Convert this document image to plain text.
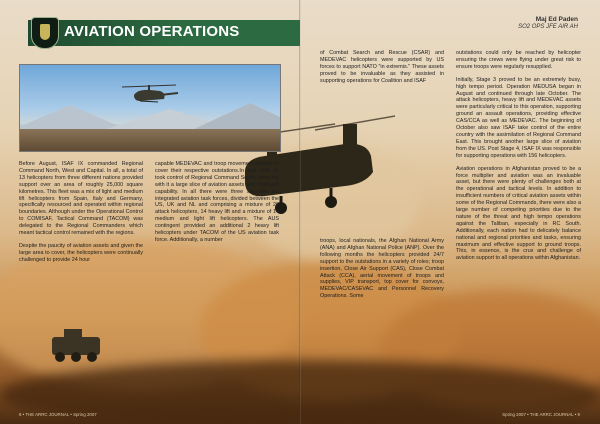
AVIATION OPERATIONS
Maj Ed Paden
SO2 OPS JFE AIR AH

Before August, ISAF IX commanded Regional Command North, West and Capital. In all, a total of 13 helicopters from three different nations provided support over an area of roughly 25,000 square kilometres. This fleet was a mix of light and medium lift helicopters from Spain, Italy and Germany, specifically resourced and operated within regional boundaries. Although under the Operational Control to COMISAF, Tactical Command (TACOM) was delegated to the Regional Commanders which meant tactical control remained with the regions.

Despite the paucity of aviation assets and given the large area to cover, the helicopters were continually challenged to provide 24 hour

capable MEDEVAC and troop movement support to cover their respective outstations.In July ISAF IX took control of Regional Command South, bring-ing with it a large slice of aviation assets and improved capability. In all there were three separate but integrated aviation task forces, divided between the US, UK and NL and comprising a mixture of 20 attack helicopters, 14 heavy lift and a mixture of 14 medium and light lift helicopters. The AUS contingent provided an additional 2 heavy lift helicopters under TACOM of the US aviation task force. Additionally, a number

of Combat Search and Rescue (CSAR) and MEDEVAC helicopters were supported by US forces to support NATO "in extremis." These assets proved to be invaluable as they assisted in supporting operations for Coalition and ISAF

troops, local nationals, the Afghan National Army (ANA) and Afghan National Police (ANP). Over the following months the helicopters provided 24/7 support to the outstations in a variety of roles; troop insertion, Close Air Support (CAS), Close Combat Attack (CCA), aerial movement of troops and supplies, VIP transport, top cover for convoys, MEDEVAC/CASEVAC and Personnel Recovery Operations. Some

outstations could only be reached by helicopter ensuring the crews were flying under great risk to ensure troops were regularly resupplied.

Initially, Stage 3 proved to be an extremely busy, high tempo period. Operation MEDUSA began in August and continued through late October. The attack helicopters, heavy lift and MEDEVAC assets were particularly critical to this operation, supporting ground an assault operations, providing effective CAS/CCA as well as MEDEVAC. The beginning of October also saw ISAF take control of the entire country with the assimilation of Regional Command East. This brought another large slice of aviation from the US. Post Stage 4, ISAF IX was responsible for supporting operations with 156 helicopters.

Aviation operations in Afghanistan proved to be a force multiplier and aviation was an invaluable asset, but there were plenty of challenges both at the operational and tactical levels. In addition to insufficient numbers of critical aviation assets within some of the Regional Commands, there were also a large number of competing priorities due to the nature of the threat and high tempo operations against the Taliban, especially in RC South. Additionally, each nation had to delicately balance national and regional priorities and tasks, ensuring maximum and effective support to ground troops. This, in essence, is the crux and challenge of aviation support to all operations within Afghanistan.

8 • THE ARRC JOURNAL • Spring 2007	Spring 2007 • THE ARRC JOURNAL • 9
